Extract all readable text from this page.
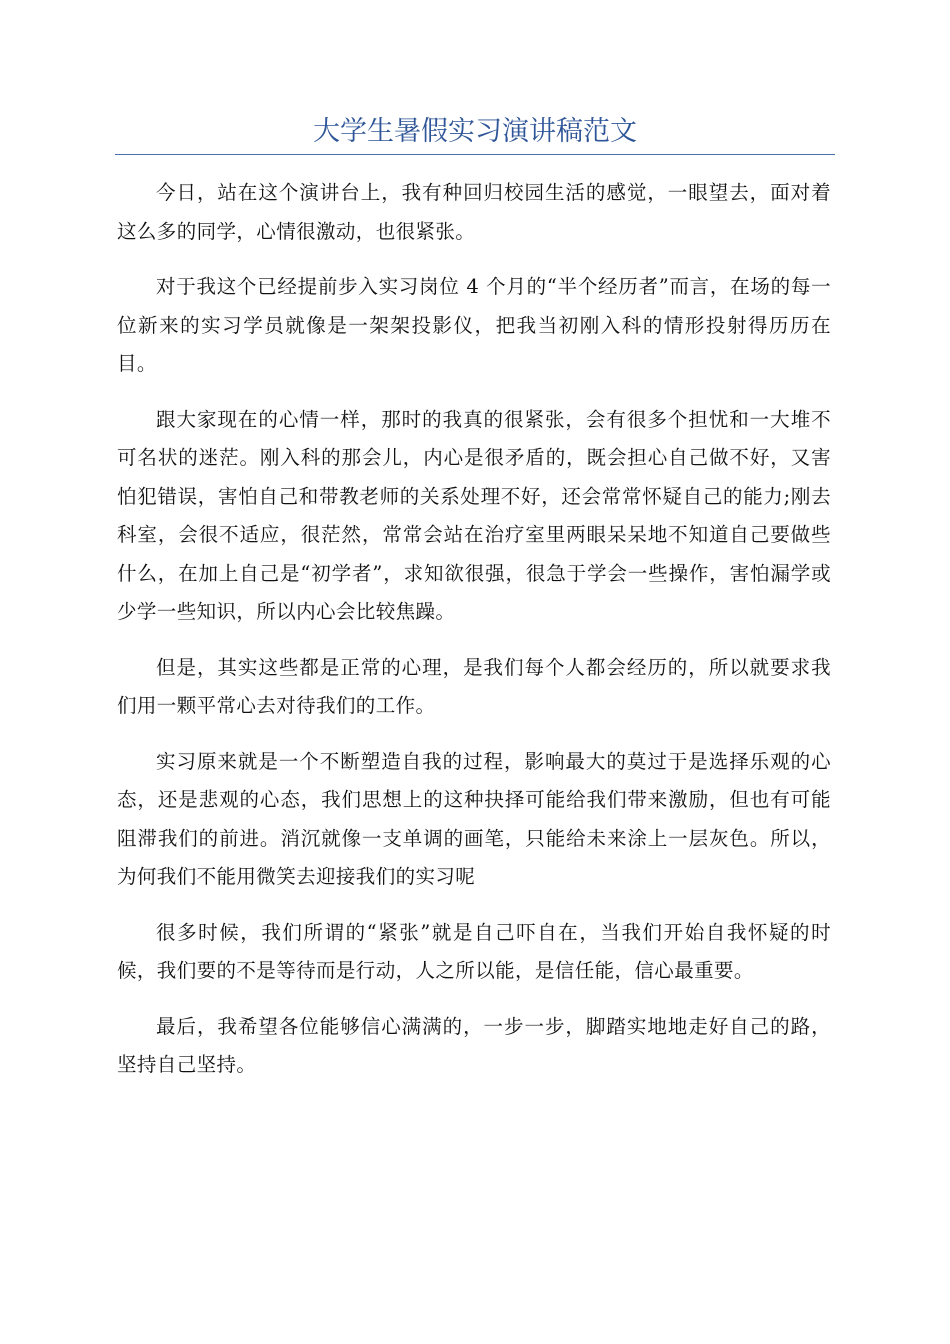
大学生暑假实习演讲稿范文

今日，站在这个演讲台上，我有种回归校园生活的感觉，一眼望去，面对着这么多的同学，心情很激动，也很紧张。

对于我这个已经提前步入实习岗位 4 个月的“半个经历者”而言，在场的每一位新来的实习学员就像是一架架投影仪，把我当初刚入科的情形投射得历历在目。

跟大家现在的心情一样，那时的我真的很紧张，会有很多个担忧和一大堆不可名状的迷茫。刚入科的那会儿，内心是很矛盾的，既会担心自己做不好，又害怕犯错误，害怕自己和带教老师的关系处理不好，还会常常怀疑自己的能力;刚去科室，会很不适应，很茫然，常常会站在治疗室里两眼呆呆地不知道自己要做些什么，在加上自己是“初学者”，求知欲很强，很急于学会一些操作，害怕漏学或少学一些知识，所以内心会比较焦躁。

但是，其实这些都是正常的心理，是我们每个人都会经历的，所以就要求我们用一颗平常心去对待我们的工作。

实习原来就是一个不断塑造自我的过程，影响最大的莫过于是选择乐观的心态，还是悲观的心态，我们思想上的这种抉择可能给我们带来激励，但也有可能阻滞我们的前进。消沉就像一支单调的画笔，只能给未来涂上一层灰色。所以，为何我们不能用微笑去迎接我们的实习呢

很多时候，我们所谓的“紧张”就是自己吓自在，当我们开始自我怀疑的时候，我们要的不是等待而是行动，人之所以能，是信任能，信心最重要。

最后，我希望各位能够信心满满的，一步一步，脚踏实地地走好自己的路，坚持自己坚持。
